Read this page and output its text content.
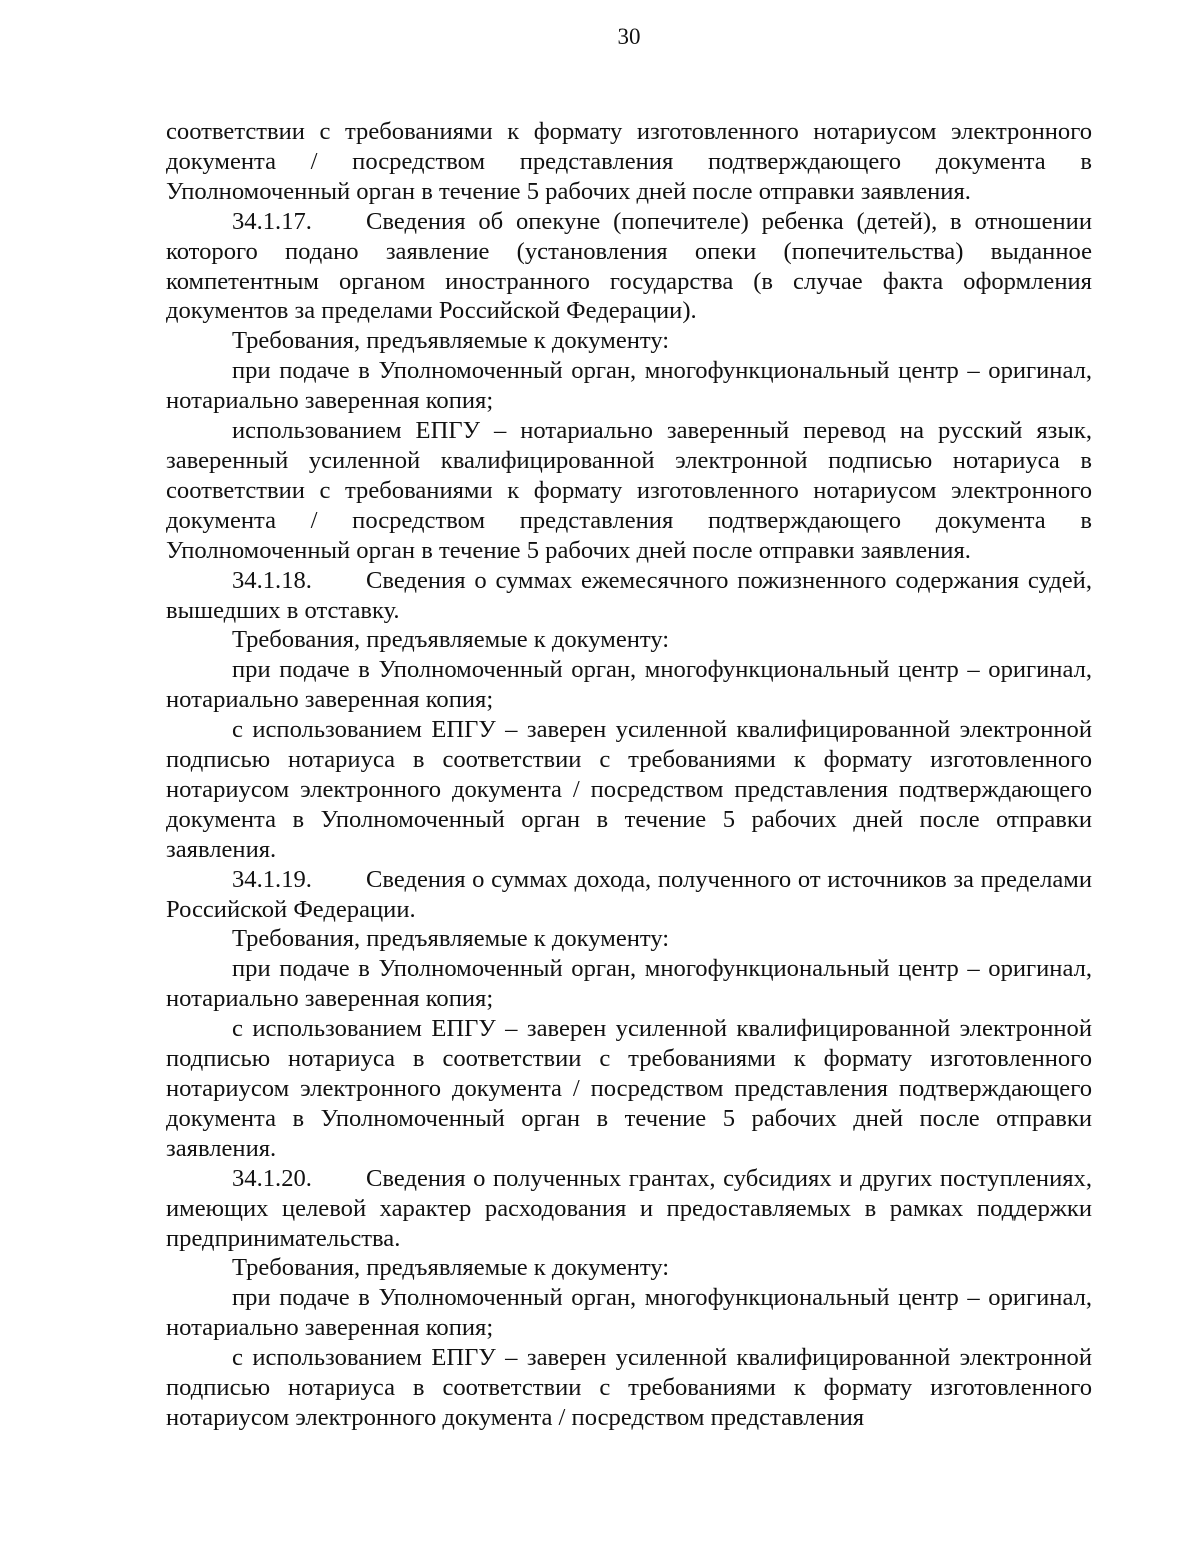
30

соответствии с требованиями к формату изготовленного нотариусом электронного документа / посредством представления подтверждающего документа в Уполномоченный орган в течение 5 рабочих дней после отправки заявления.

34.1.17. Сведения об опекуне (попечителе) ребенка (детей), в отношении которого подано заявление (установления опеки (попечительства) выданное компетентным органом иностранного государства (в случае факта оформления документов за пределами Российской Федерации).

Требования, предъявляемые к документу:

при подаче в Уполномоченный орган, многофункциональный центр – оригинал, нотариально заверенная копия;

использованием ЕПГУ – нотариально заверенный перевод на русский язык, заверенный усиленной квалифицированной электронной подписью нотариуса в соответствии с требованиями к формату изготовленного нотариусом электронного документа / посредством представления подтверждающего документа в Уполномоченный орган в течение 5 рабочих дней после отправки заявления.

34.1.18. Сведения о суммах ежемесячного пожизненного содержания судей, вышедших в отставку.

Требования, предъявляемые к документу:

при подаче в Уполномоченный орган, многофункциональный центр – оригинал, нотариально заверенная копия;

с использованием ЕПГУ – заверен усиленной квалифицированной электронной подписью нотариуса в соответствии с требованиями к формату изготовленного нотариусом электронного документа / посредством представления подтверждающего документа в Уполномоченный орган в течение 5 рабочих дней после отправки заявления.

34.1.19. Сведения о суммах дохода, полученного от источников за пределами Российской Федерации.

Требования, предъявляемые к документу:

при подаче в Уполномоченный орган, многофункциональный центр – оригинал, нотариально заверенная копия;

с использованием ЕПГУ – заверен усиленной квалифицированной электронной подписью нотариуса в соответствии с требованиями к формату изготовленного нотариусом электронного документа / посредством представления подтверждающего документа в Уполномоченный орган в течение 5 рабочих дней после отправки заявления.

34.1.20. Сведения о полученных грантах, субсидиях и других поступлениях, имеющих целевой характер расходования и предоставляемых в рамках поддержки предпринимательства.

Требования, предъявляемые к документу:

при подаче в Уполномоченный орган, многофункциональный центр – оригинал, нотариально заверенная копия;

с использованием ЕПГУ – заверен усиленной квалифицированной электронной подписью нотариуса в соответствии с требованиями к формату изготовленного нотариусом электронного документа / посредством представления
